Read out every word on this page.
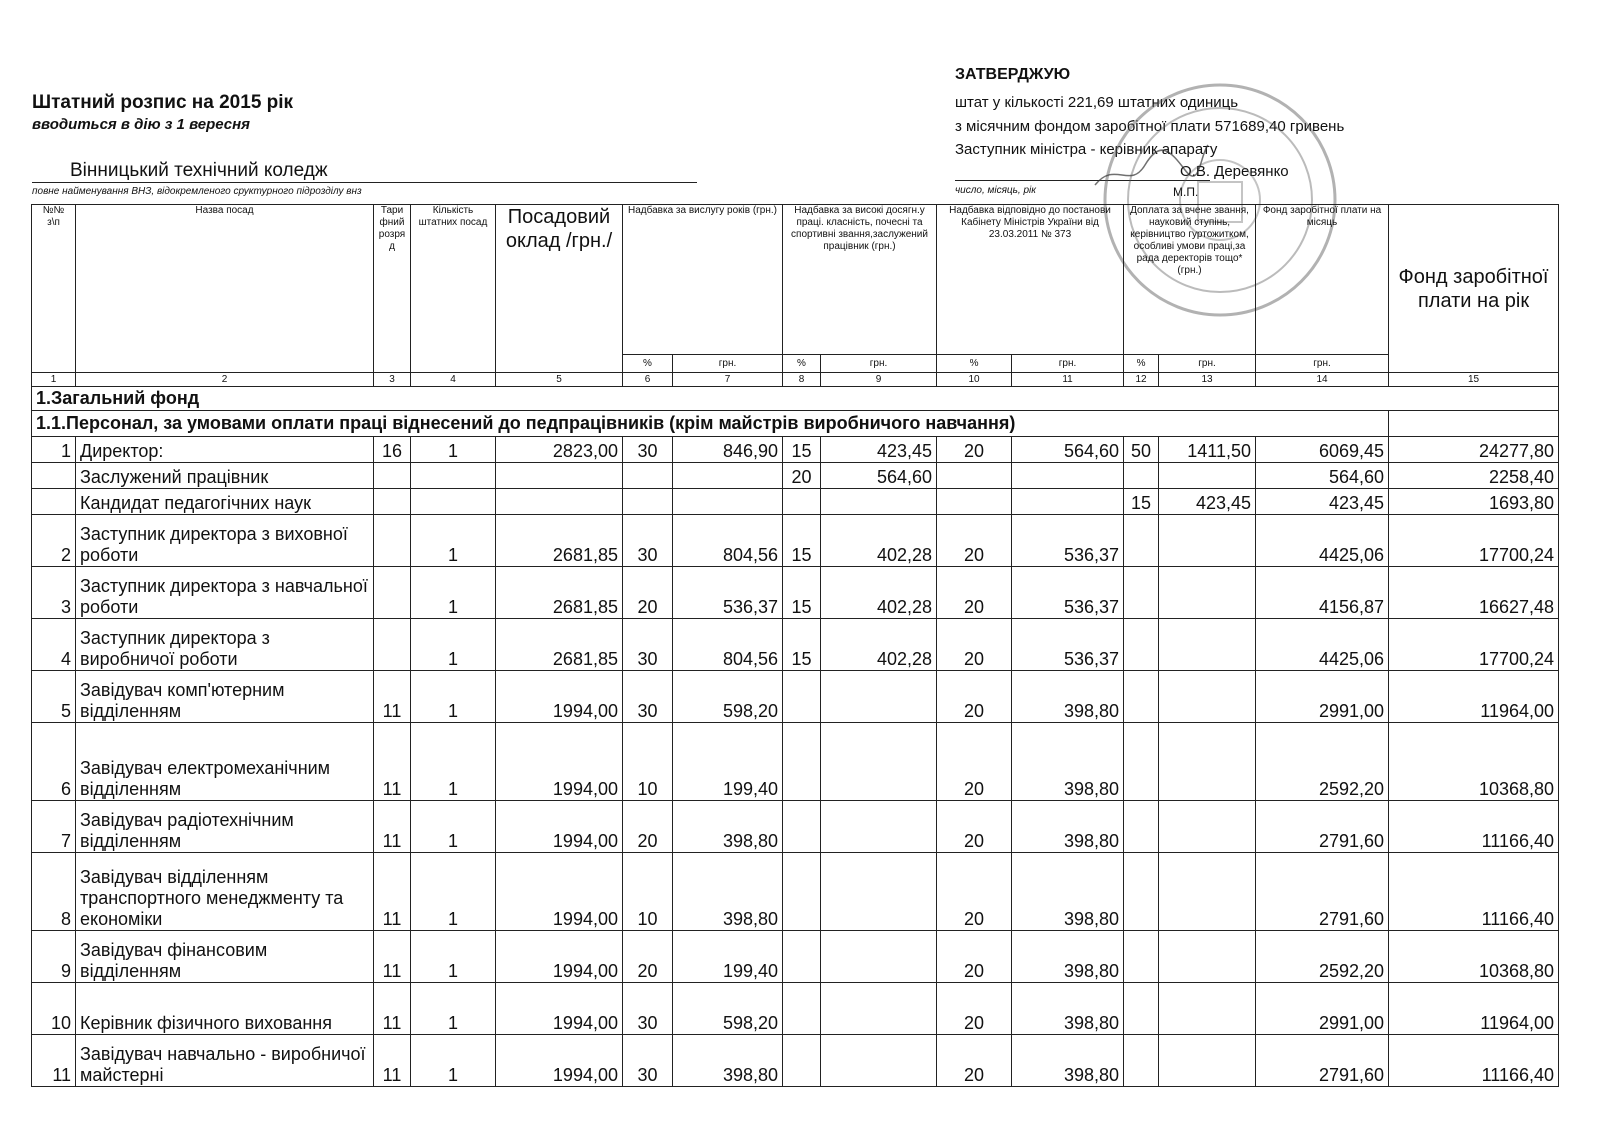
Штатний розпис на 2015 рік
вводиться в дію з 1 вересня
Вінницький технічний коледж
повне найменування ВНЗ, відокремленого сруктурного підрозділу внз
ЗАТВЕРДЖУЮ
штат у кількості 221,69 штатних одиниць
з місячним фондом заробітної плати 571689,40 гривень
Заступник міністра - керівник апарату
О.В. Деревянко
число, місяць, рік	М.П.
№№ з\п	Назва посад	Тари фний розря д	Кількість штатних посад	Посадовий оклад /грн./	Надбавка за вислугу років (грн.)		Надбавка за високі досягн.у праці. класність, почесні та спортивні звання,заслужений працівник (грн.)		Надбавка відповідно до постанови Кабінету Міністрів України від 23.03.2011 № 373		Доплата за вчене звання, науковий ступінь, керівництво гуртожитком, особливі умови праці,за рада деректорів тощо*(грн.)		Фонд заробітної плати на місяць	Фонд заробітної плати на рік
					%	грн.	%	грн.	%	грн.	%	грн.	грн.	
1	2	3	4	5	6	7	8	9	10	11	12	13	14	15
1.Загальний фонд														
1.1.Персонал, за умовами оплати праці віднесений до педпрацівників (крім майстрів виробничого навчання)														
1	Директор:	16	1	2823,00	30	846,90	15	423,45	20	564,60	50	1411,50	6069,45	24277,80
	Заслужений працівник						20	564,60					564,60	2258,40
	Кандидат педагогічних наук										15	423,45	423,45	1693,80
2	Заступник директора з виховної роботи		1	2681,85	30	804,56	15	402,28	20	536,37			4425,06	17700,24
3	Заступник директора з навчальної роботи		1	2681,85	20	536,37	15	402,28	20	536,37			4156,87	16627,48
4	Заступник директора з виробничої роботи		1	2681,85	30	804,56	15	402,28	20	536,37			4425,06	17700,24
5	Завідувач комп'ютерним відділенням	11	1	1994,00	30	598,20			20	398,80			2991,00	11964,00
6	Завідувач електромеханічним відділенням	11	1	1994,00	10	199,40			20	398,80			2592,20	10368,80
7	Завідувач радіотехнічним відділенням	11	1	1994,00	20	398,80			20	398,80			2791,60	11166,40
8	Завідувач відділенням транспортного менеджменту та економіки	11	1	1994,00	10	398,80			20	398,80			2791,60	11166,40
9	Завідувач фінансовим відділенням	11	1	1994,00	20	199,40			20	398,80			2592,20	10368,80
10	Керівник фізичного виховання	11	1	1994,00	30	598,20			20	398,80			2991,00	11964,00
11	Завідувач навчально - виробничої майстерні	11	1	1994,00	30	398,80			20	398,80			2791,60	11166,40
